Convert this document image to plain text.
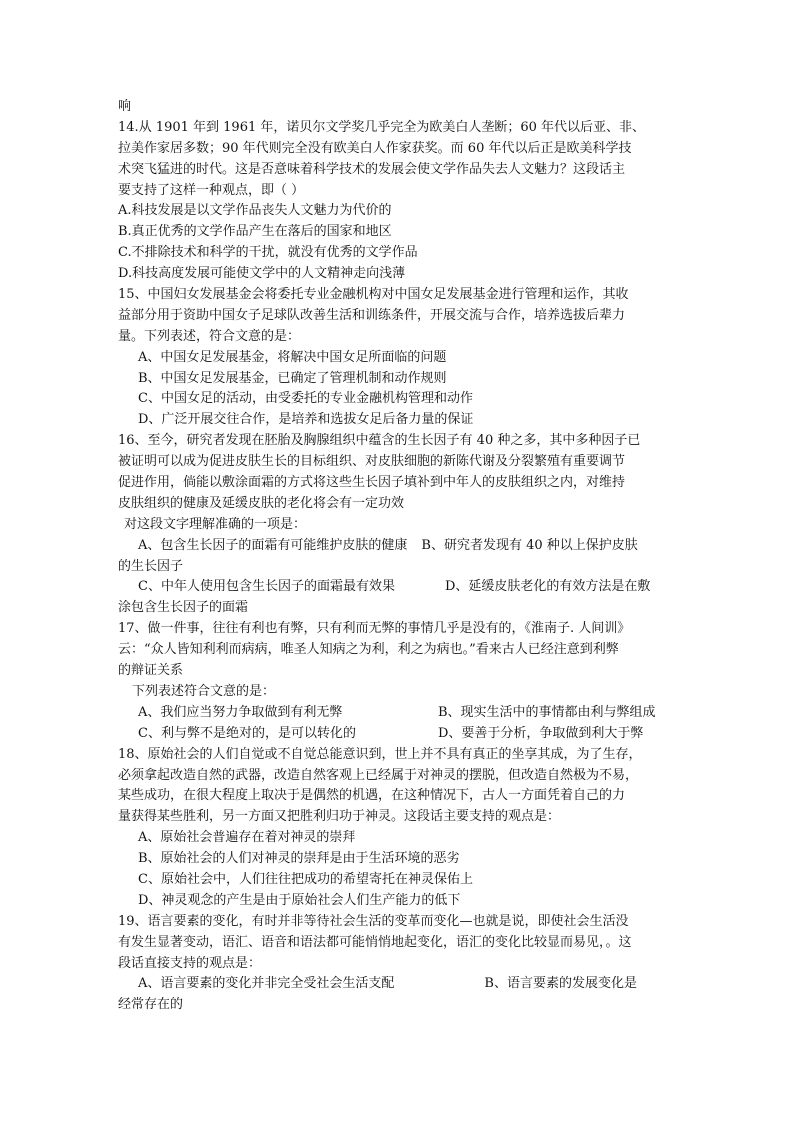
响
14.从 1901 年到 1961 年，诺贝尔文学奖几乎完全为欧美白人垄断；60 年代以后亚、非、
拉美作家居多数；90 年代则完全没有欧美白人作家获奖。而 60 年代以后正是欧美科学技
术突飞猛进的时代。这是否意味着科学技术的发展会使文学作品失去人文魅力？这段话主
要支持了这样一种观点，即（ ）
A.科技发展是以文学作品丧失人文魅力为代价的
B.真正优秀的文学作品产生在落后的国家和地区
C.不排除技术和科学的干扰，就没有优秀的文学作品
D.科技高度发展可能使文学中的人文精神走向浅薄
15、中国妇女发展基金会将委托专业金融机构对中国女足发展基金进行管理和运作，其收
益部分用于资助中国女子足球队改善生活和训练条件，开展交流与合作，培养选拔后辈力
量。下列表述，符合文意的是：
A、中国女足发展基金，将解决中国女足所面临的问题
B、中国女足发展基金，已确定了管理机制和动作规则
C、中国女足的活动，由受委托的专业金融机构管理和动作
D、广泛开展交往合作，是培养和选拔女足后备力量的保证
16、至今，研究者发现在胚胎及胸腺组织中蕴含的生长因子有 40 种之多，其中多种因子已
被证明可以成为促进皮肤生长的目标组织、对皮肤细胞的新陈代谢及分裂繁殖有重要调节
促进作用，倘能以敷涂面霜的方式将这些生长因子填补到中年人的皮肤组织之内，对维持
皮肤组织的健康及延缓皮肤的老化将会有一定功效
对这段文字理解准确的一项是：
A、包含生长因子的面霜有可能维护皮肤的健康 B、研究者发现有 40 种以上保护皮肤
的生长因子
C、中年人使用包含生长因子的面霜最有效果	D、延缓皮肤老化的有效方法是在敷
涂包含生长因子的面霜
17、做一件事，往往有利也有弊，只有利而无弊的事情几乎是没有的，《淮南子. 人间训》
云：“众人皆知利利而病病，唯圣人知病之为利，利之为病也。”看来古人已经注意到利弊
的辩证关系
下列表述符合文意的是：
A、我们应当努力争取做到有利无弊	B、现实生活中的事情都由利与弊组成
C、利与弊不是绝对的，是可以转化的	D、要善于分析，争取做到利大于弊
18、原始社会的人们自觉或不自觉总能意识到，世上并不具有真正的坐享其成，为了生存，
必须拿起改造自然的武器，改造自然客观上已经属于对神灵的摆脱，但改造自然极为不易，
某些成功，在很大程度上取决于是偶然的机遇，在这种情况下，古人一方面凭着自己的力
量获得某些胜利，另一方面又把胜利归功于神灵。这段话主要支持的观点是：
A、原始社会普遍存在着对神灵的崇拜
B、原始社会的人们对神灵的崇拜是由于生活环境的恶劣
C、原始社会中，人们往往把成功的希望寄托在神灵保佑上
D、神灵观念的产生是由于原始社会人们生产能力的低下
19、语言要素的变化，有时并非等待社会生活的变革而变化—也就是说，即使社会生活没
有发生显著变动，语汇、语音和语法都可能悄悄地起变化，语汇的变化比较显而易见，。这
段话直接支持的观点是：
A、语言要素的变化并非完全受社会生活支配	B、语言要素的发展变化是
经常存在的
